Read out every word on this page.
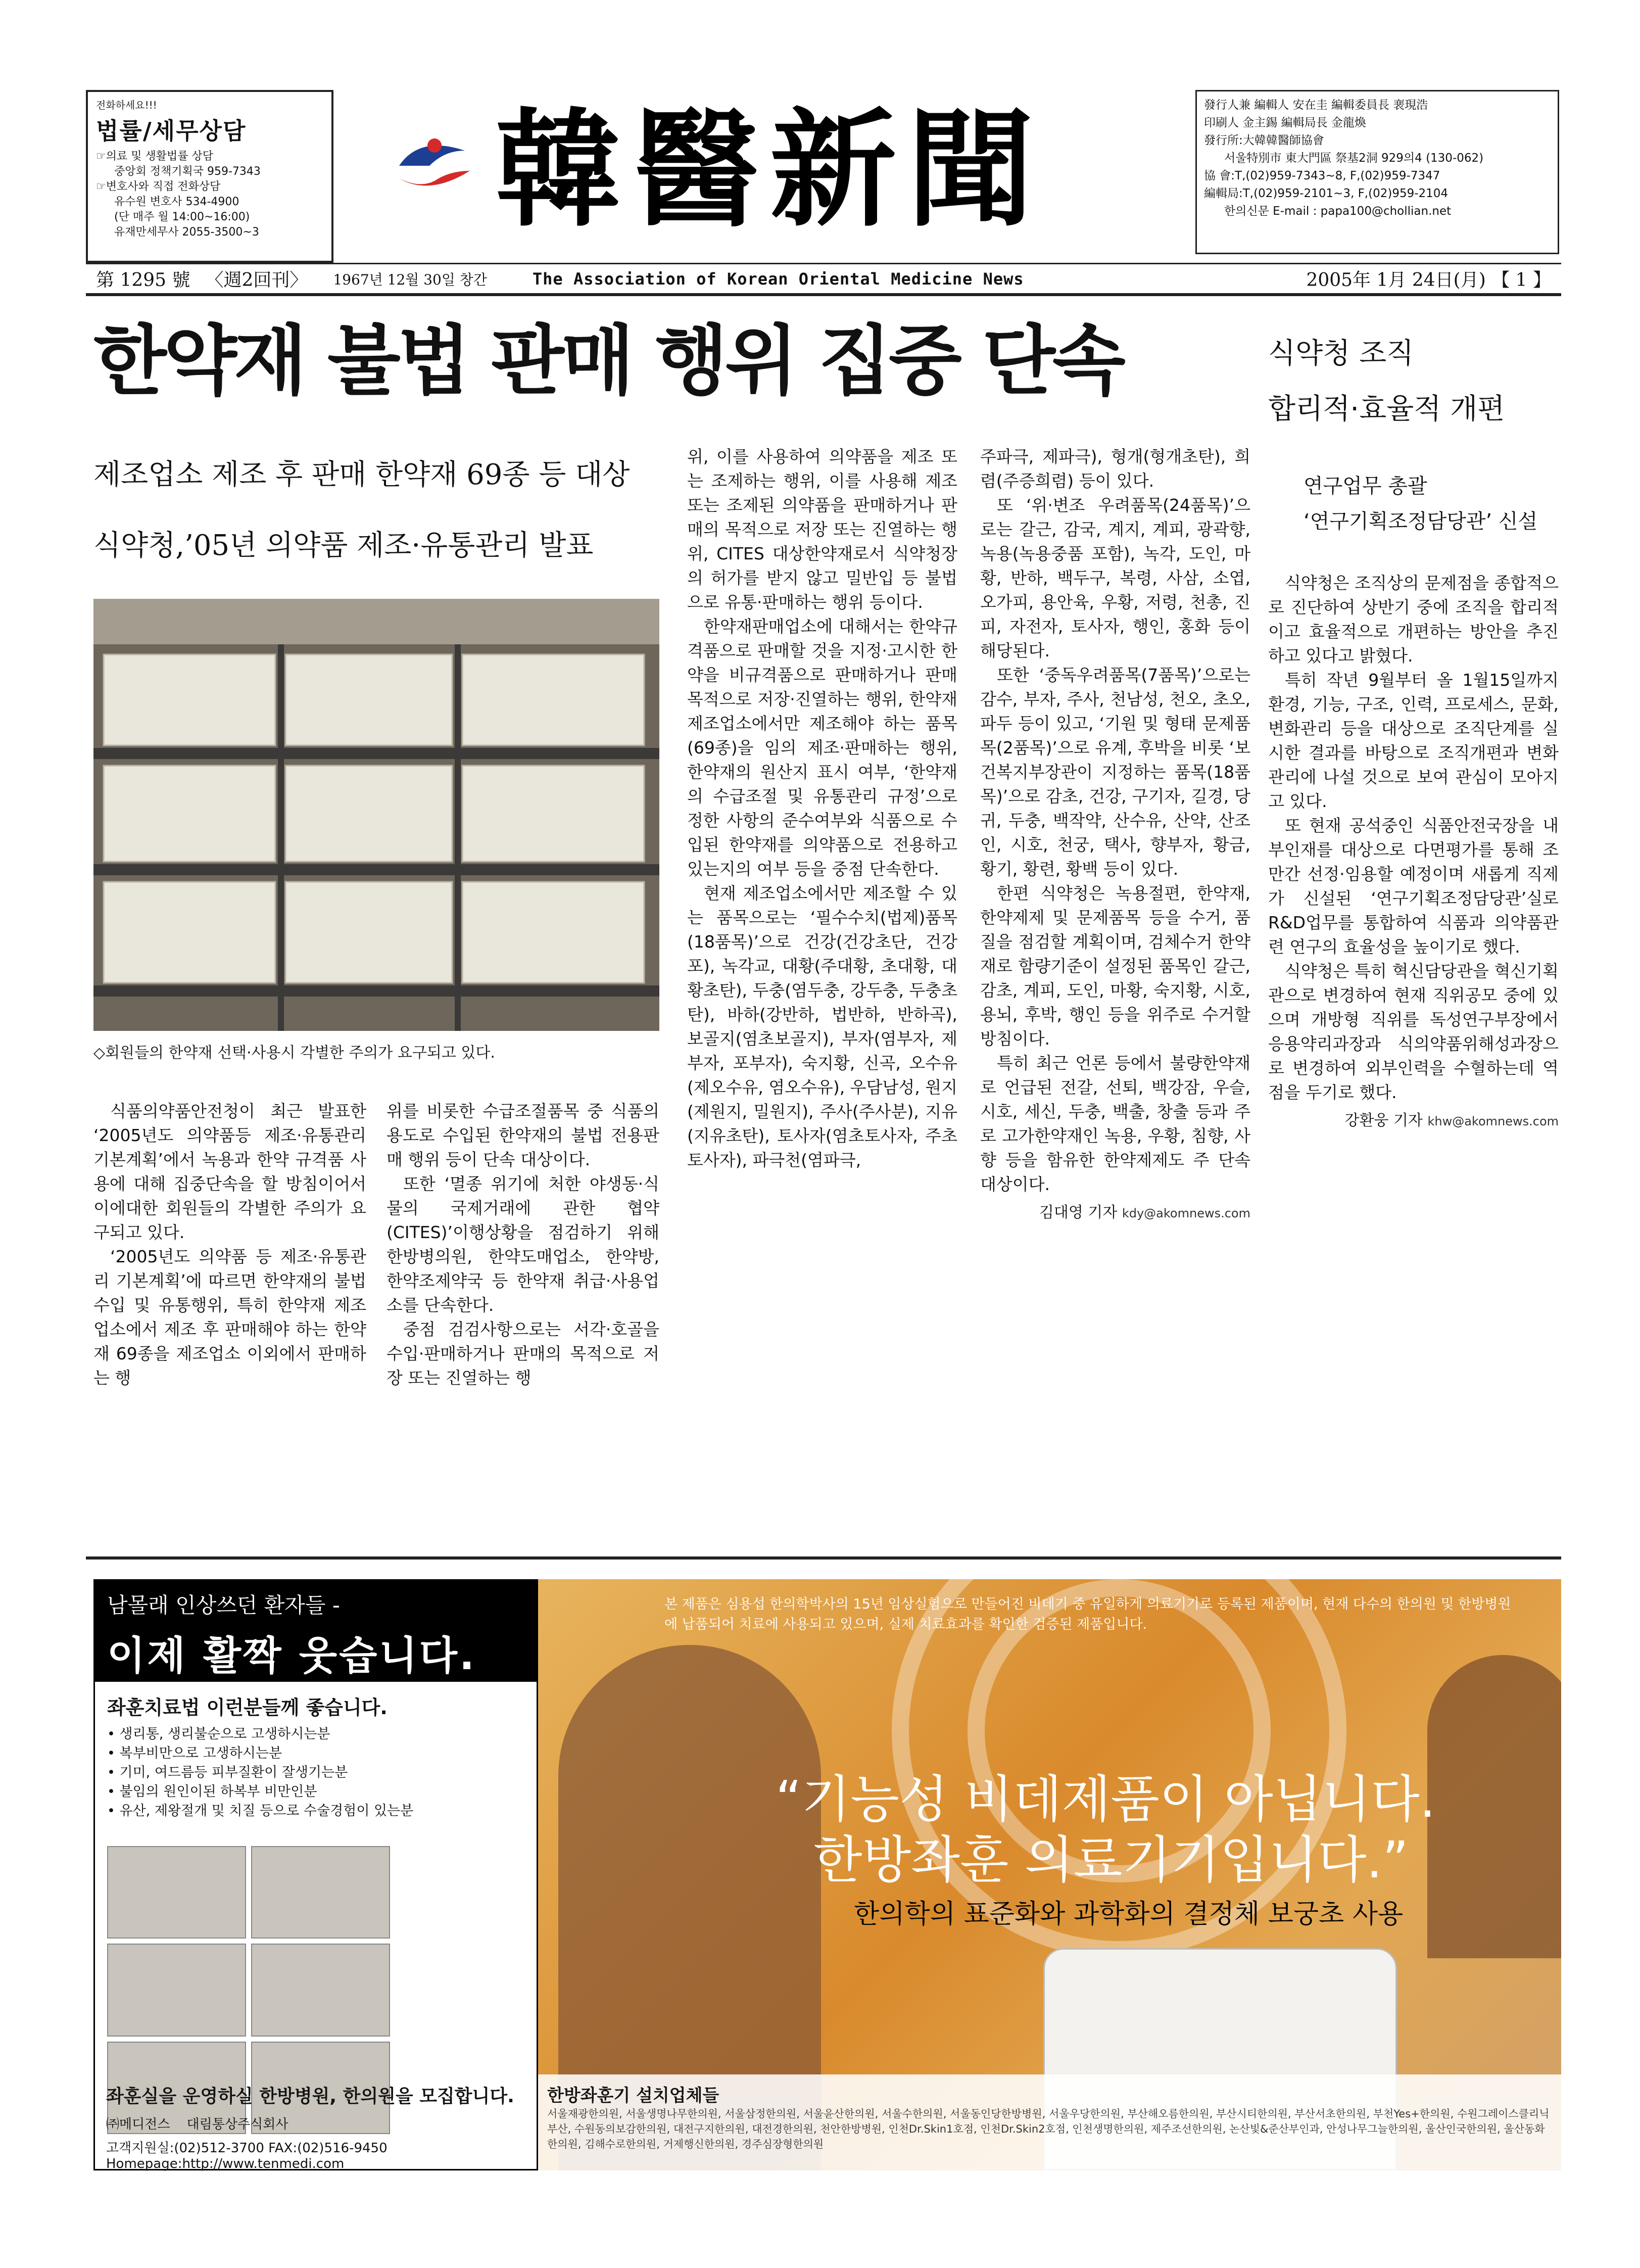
전화하세요!!!
법률/세무상담
☞의료 및 생활법률 상담
중앙회 정책기획국 959-7343
☞변호사와 직접 전화상담
유수원 변호사 534-4900
(단 매주 월 14:00~16:00)
유재만세무사 2055-3500~3	韓醫新聞	發行人兼 編輯人 安在圭 編輯委員長 裵現浩
印刷人 金主錫 編輯局長 金龍煥
發行所:大韓韓醫師協會
서울特別市 東大門區 祭基2洞 929의4 (130-062)
協 會:T,(02)959-7343~8, F,(02)959-7347
編輯局:T,(02)959-2101~3, F,(02)959-2104
한의신문 E-mail : papa100@chollian.net
第 1295 號 〈週2回刊〉 1967년 12월 30일 창간	The Association of Korean Oriental Medicine News	2005年 1月 24日(月) 【 1 】
한약재 불법 판매 행위 집중 단속
제조업소 제조 후 판매 한약재 69종 등 대상
식약청,’05년 의약품 제조·유통관리 발표
◇회원들의 한약재 선택·사용시 각별한 주의가 요구되고 있다.

식품의약품안전청이 최근 발표한 ‘2005년도 의약품등 제조·유통관리 기본계획’에서 녹용과 한약 규격품 사용에 대해 집중단속을 할 방침이어서 이에대한 회원들의 각별한 주의가 요구되고 있다.

‘2005년도 의약품 등 제조·유통관리 기본계획’에 따르면 한약재의 불법수입 및 유통행위, 특히 한약재 제조업소에서 제조 후 판매해야 하는 한약재 69종을 제조업소 이외에서 판매하는 행

위를 비롯한 수급조절품목 중 식품의 용도로 수입된 한약재의 불법 전용판매 행위 등이 단속 대상이다.

또한 ‘멸종 위기에 처한 야생동·식물의 국제거래에 관한 협약(CITES)’이행상황을 점검하기 위해 한방병의원, 한약도매업소, 한약방, 한약조제약국 등 한약재 취급·사용업소를 단속한다.

중점 검검사항으로는 서각·호골을 수입·판매하거나 판매의 목적으로 저장 또는 진열하는 행

위, 이를 사용하여 의약품을 제조 또는 조제하는 행위, 이를 사용해 제조 또는 조제된 의약품을 판매하거나 판매의 목적으로 저장 또는 진열하는 행위, CITES 대상한약재로서 식약청장의 허가를 받지 않고 밀반입 등 불법으로 유통·판매하는 행위 등이다.

한약재판매업소에 대해서는 한약규격품으로 판매할 것을 지정·고시한 한약을 비규격품으로 판매하거나 판매목적으로 저장·진열하는 행위, 한약재 제조업소에서만 제조해야 하는 품목(69종)을 임의 제조·판매하는 행위, 한약재의 원산지 표시 여부, ‘한약재의 수급조절 및 유통관리 규정’으로 정한 사항의 준수여부와 식품으로 수입된 한약재를 의약품으로 전용하고 있는지의 여부 등을 중점 단속한다.

현재 제조업소에서만 제조할 수 있는 품목으로는 ‘필수수치(법제)품목(18품목)’으로 건강(건강초단, 건강포), 녹각교, 대황(주대황, 초대황, 대황초탄), 두충(염두충, 강두충, 두충초탄), 바하(강반하, 법반하, 반하곡), 보골지(염초보골지), 부자(염부자, 제부자, 포부자), 숙지황, 신곡, 오수유(제오수유, 염오수유), 우담남성, 원지(제원지, 밀원지), 주사(주사분), 지유(지유초탄), 토사자(염초토사자, 주초토사자), 파극천(염파극,

주파극, 제파극), 형개(형개초탄), 희렴(주증희렴) 등이 있다.

또 ‘위·변조 우려품목(24품목)’으로는 갈근, 감국, 계지, 계피, 광곽향, 녹용(녹용중품 포함), 녹각, 도인, 마황, 반하, 백두구, 복령, 사삼, 소엽, 오가피, 용안육, 우황, 저령, 천총, 진피, 자전자, 토사자, 행인, 홍화 등이 해당된다.

또한 ‘중독우려품목(7품목)’으로는 감수, 부자, 주사, 천남성, 천오, 초오, 파두 등이 있고, ‘기원 및 형태 문제품목(2품목)’으로 유계, 후박을 비롯 ‘보건복지부장관이 지정하는 품목(18품목)’으로 감초, 건강, 구기자, 길경, 당귀, 두충, 백작약, 산수유, 산약, 산조인, 시호, 천궁, 택사, 향부자, 황금, 황기, 황련, 황백 등이 있다.

한편 식약청은 녹용절편, 한약재, 한약제제 및 문제품목 등을 수거, 품질을 점검할 계획이며, 검체수거 한약재로 함량기준이 설정된 품목인 갈근, 감초, 계피, 도인, 마황, 숙지황, 시호, 용뇌, 후박, 행인 등을 위주로 수거할 방침이다.

특히 최근 언론 등에서 불량한약재로 언급된 전갈, 선퇴, 백강잠, 우슬, 시호, 세신, 두충, 백출, 창출 등과 주로 고가한약재인 녹용, 우황, 침향, 사향 등을 함유한 한약제제도 주 단속 대상이다.

김대영 기자 kdy@akomnews.com
식약청 조직
합리적·효율적 개편
연구업무 총괄
‘연구기획조정담당관’ 신설

식약청은 조직상의 문제점을 종합적으로 진단하여 상반기 중에 조직을 합리적이고 효율적으로 개편하는 방안을 추진하고 있다고 밝혔다.

특히 작년 9월부터 올 1월15일까지 환경, 기능, 구조, 인력, 프로세스, 문화, 변화관리 등을 대상으로 조직단계를 실시한 결과를 바탕으로 조직개편과 변화관리에 나설 것으로 보여 관심이 모아지고 있다.

또 현재 공석중인 식품안전국장을 내부인재를 대상으로 다면평가를 통해 조만간 선정·임용할 예정이며 새롭게 직제가 신설된 ‘연구기획조정담당관’실로 R&D업무를 통합하여 식품과 의약품관련 연구의 효율성을 높이기로 했다.

식약청은 특히 혁신담당관을 혁신기획관으로 변경하여 현재 직위공모 중에 있으며 개방형 직위를 독성연구부장에서 응용약리과장과 식의약품위해성과장으로 변경하여 외부인력을 수혈하는데 역점을 두기로 했다.

강환웅 기자 khw@akomnews.com
남몰래 인상쓰던 환자들 -
이제 활짝 웃습니다.
좌훈치료법 이런분들께 좋습니다.
• 생리통, 생리불순으로 고생하시는분
• 복부비만으로 고생하시는분
• 기미, 여드름등 피부질환이 잘생기는분
• 불임의 원인이된 하복부 비만인분
• 유산, 제왕절개 및 치질 등으로 수술경험이 있는분
좌훈실을 운영하실 한방병원, 한의원을 모집합니다.
㈜메디전스 대림통상주식회사
고객지원실:(02)512-3700 FAX:(02)516-9450
Homepage:http://www.tenmedi.com
본 제품은 심용섭 한의학박사의 15년 임상실험으로 만들어진 비데기 중 유일하게 의료기기로 등록된 제품이며, 현재 다수의 한의원 및 한방병원에 납품되어 치료에 사용되고 있으며, 실제 치료효과를 확인한 검증된 제품입니다.
“기능성 비데제품이 아닙니다.
한방좌훈 의료기기입니다.”
한의학의 표준화와 과학화의 결정체 보궁초 사용
한방좌훈기 설치업체들
서울재광한의원, 서울생명나무한의원, 서울삼정한의원, 서울윤산한의원, 서울수한의원, 서울동인당한방병원, 서울우당한의원, 부산해오름한의원, 부산시티한의원, 부산서초한의원, 부천Yes+한의원, 수원그레이스클리닉부산, 수원동의보감한의원, 대전구지한의원, 대전경한의원, 천안한방병원, 인천Dr.Skin1호점, 인천Dr.Skin2호점, 인천생명한의원, 제주조선한의원, 논산빛&준산부인과, 안성나무그늘한의원, 울산인국한의원, 울산동화한의원, 김해수로한의원, 거제행신한의원, 경주심장형한의원
